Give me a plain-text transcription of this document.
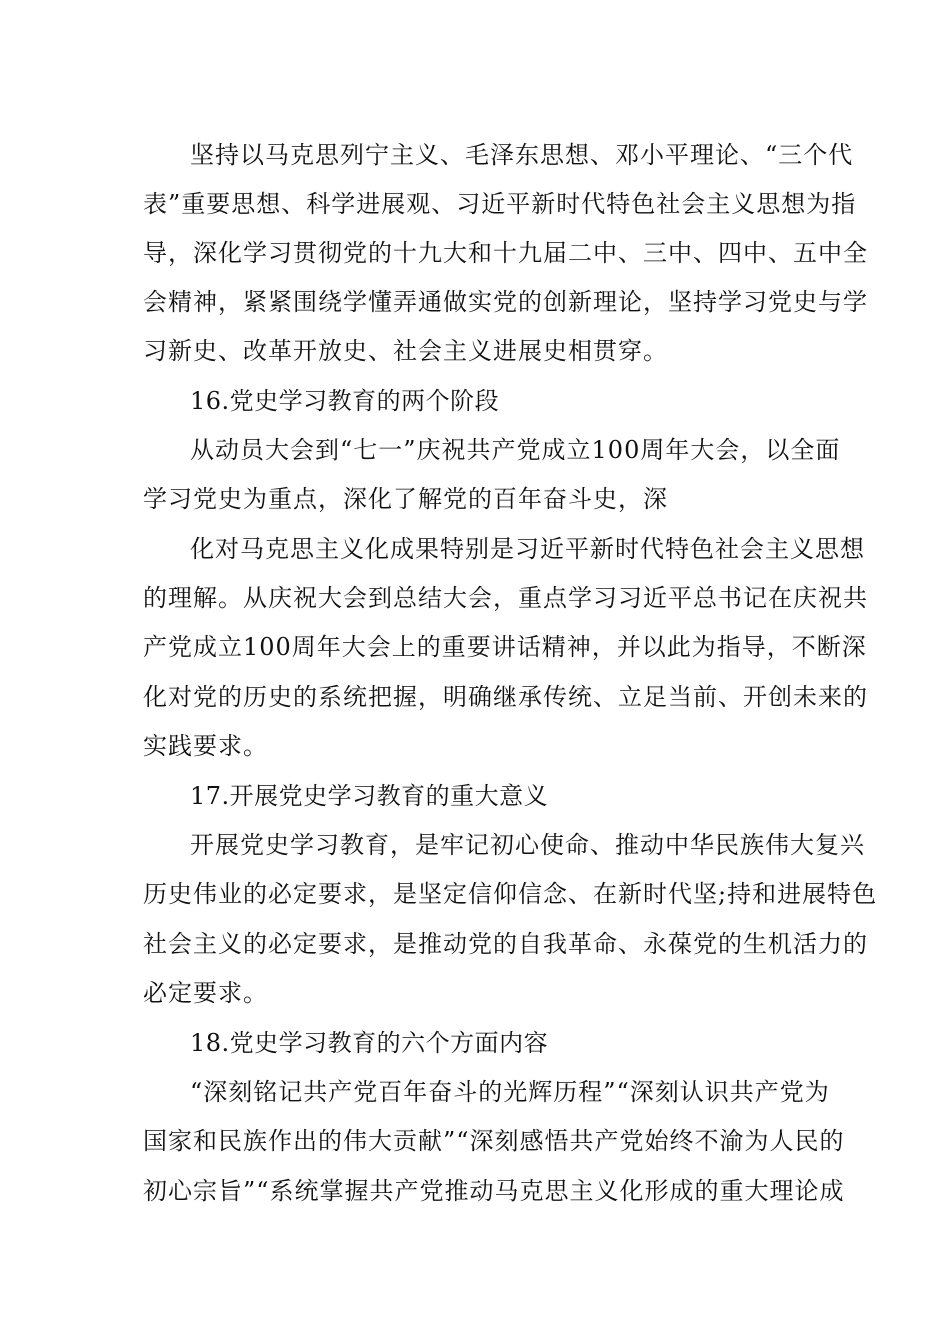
坚持以马克思列宁主义、毛泽东思想、邓小平理论、“三个代
表”重要思想、科学进展观、习近平新时代特色社会主义思想为指
导，深化学习贯彻党的十九大和十九届二中、三中、四中、五中全
会精神，紧紧围绕学懂弄通做实党的创新理论，坚持学习党史与学
习新史、改革开放史、社会主义进展史相贯穿。
16.党史学习教育的两个阶段
从动员大会到“七一”庆祝共产党成立100周年大会，以全面
学习党史为重点，深化了解党的百年奋斗史，深
化对马克思主义化成果特别是习近平新时代特色社会主义思想
的理解。从庆祝大会到总结大会，重点学习习近平总书记在庆祝共
产党成立100周年大会上的重要讲话精神，并以此为指导，不断深
化对党的历史的系统把握，明确继承传统、立足当前、开创未来的
实践要求。
17.开展党史学习教育的重大意义
开展党史学习教育，是牢记初心使命、推动中华民族伟大复兴
历史伟业的必定要求，是坚定信仰信念、在新时代坚;持和进展特色
社会主义的必定要求，是推动党的自我革命、永葆党的生机活力的
必定要求。
18.党史学习教育的六个方面内容
“深刻铭记共产党百年奋斗的光辉历程”“深刻认识共产党为
国家和民族作出的伟大贡献”“深刻感悟共产党始终不渝为人民的
初心宗旨”“系统掌握共产党推动马克思主义化形成的重大理论成
